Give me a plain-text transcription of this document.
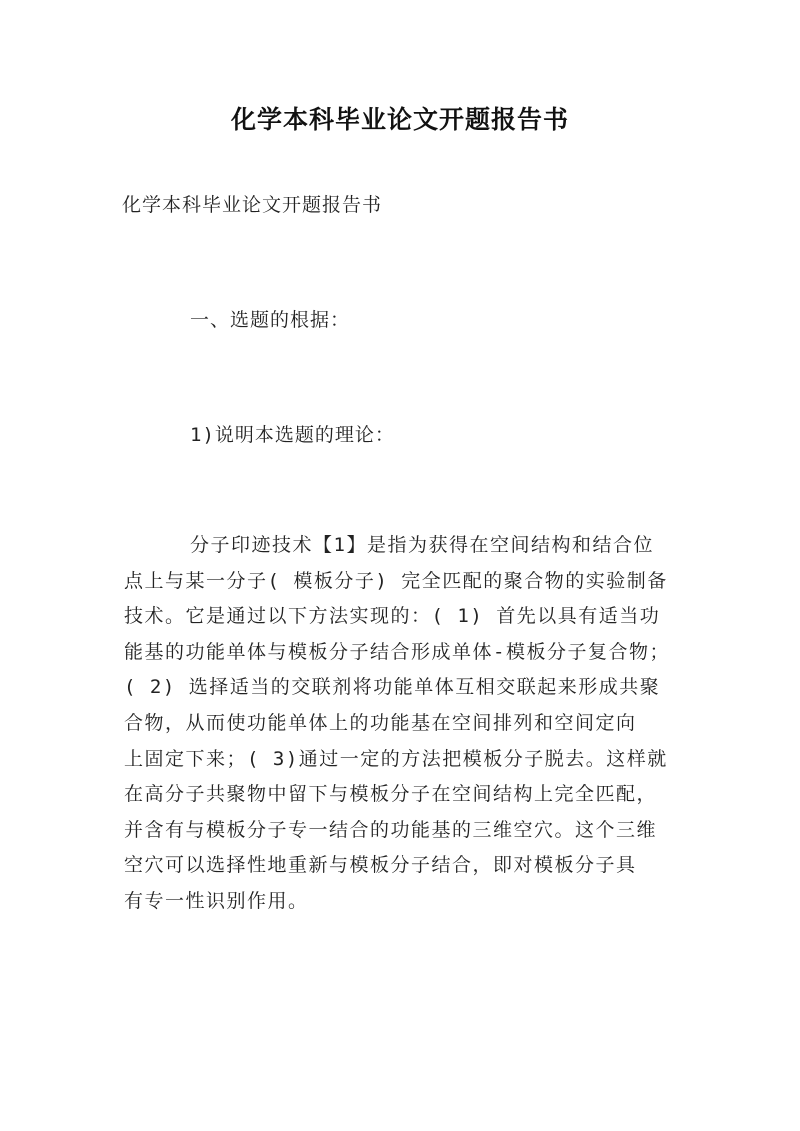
化学本科毕业论文开题报告书
化学本科毕业论文开题报告书
一、选题的根据：
1)说明本选题的理论：
分子印迹技术【1】是指为获得在空间结构和结合位
点上与某一分子( 模板分子) 完全匹配的聚合物的实验制备
技术。它是通过以下方法实现的：( 1) 首先以具有适当功
能基的功能单体与模板分子结合形成单体-模板分子复合物；
( 2) 选择适当的交联剂将功能单体互相交联起来形成共聚
合物，从而使功能单体上的功能基在空间排列和空间定向
上固定下来；( 3)通过一定的方法把模板分子脱去。这样就
在高分子共聚物中留下与模板分子在空间结构上完全匹配，
并含有与模板分子专一结合的功能基的三维空穴。这个三维
空穴可以选择性地重新与模板分子结合，即对模板分子具
有专一性识别作用。
